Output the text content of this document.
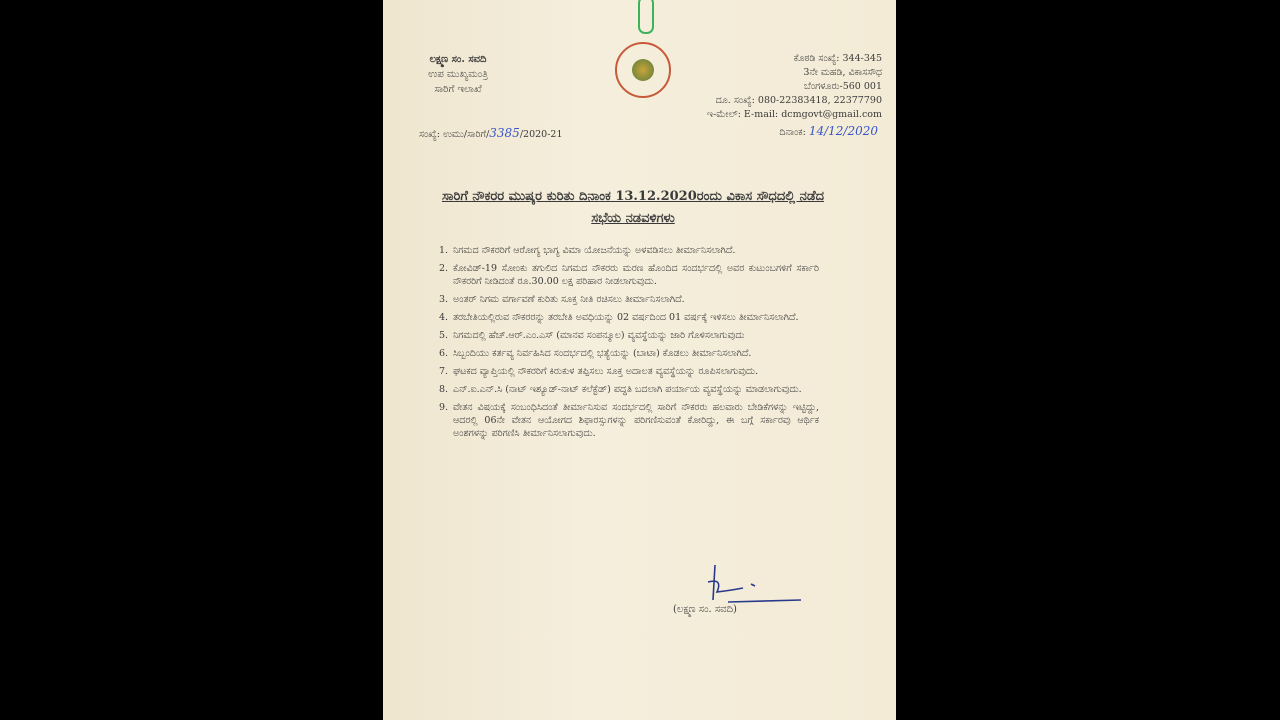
ಲಕ್ಷ್ಮಣ ಸಂ. ಸವದಿ
ಉಪ ಮುಖ್ಯಮಂತ್ರಿ
ಸಾರಿಗೆ ಇಲಾಖೆ
ಕೊಠಡಿ ಸಂಖ್ಯೆ: 344-345
3ನೇ ಮಹಡಿ, ವಿಕಾಸಸೌಧ
ಬೆಂಗಳೂರು-560 001
ದೂ. ಸಂಖ್ಯೆ: 080-22383418, 22377790
ಇ-ಮೇಲ್: E-mail: dcmgovt@gmail.com
ಸಂಖ್ಯೆ: ಉಮು/ಸಾರಿಗೆ/3385/2020-21	ದಿನಾಂಕ: 14/12/2020
ಸಾರಿಗೆ ನೌಕರರ ಮುಷ್ಕರ ಕುರಿತು ದಿನಾಂಕ 13.12.2020ರಂದು ವಿಕಾಸ ಸೌಧದಲ್ಲಿ ನಡೆದ ಸಭೆಯ ನಡವಳಿಗಳು
1. ನಿಗಮದ ನೌಕರರಿಗೆ ಆರೋಗ್ಯ ಭಾಗ್ಯ ವಿಮಾ ಯೋಜನೆಯನ್ನು ಅಳವಡಿಸಲು ತೀರ್ಮಾನಿಸಲಾಗಿದೆ.
2. ಕೋವಿಡ್-19 ಸೋಂಕು ತಗುಲಿದ ನಿಗಮದ ನೌಕರರು ಮರಣ ಹೊಂದಿದ ಸಂದರ್ಭದಲ್ಲಿ ಅವರ ಕುಟುಂಬಗಳಿಗೆ ಸರ್ಕಾರಿ ನೌಕರರಿಗೆ ನೀಡಿದಂತೆ ರೂ.30.00 ಲಕ್ಷ ಪರಿಹಾರ ನೀಡಲಾಗುವುದು.
3. ಅಂತರ್ ನಿಗಮ ವರ್ಗಾವಣೆ ಕುರಿತು ಸೂಕ್ತ ನೀತಿ ರಚಿಸಲು ತೀರ್ಮಾನಿಸಲಾಗಿದೆ.
4. ತರಬೇತಿಯಲ್ಲಿರುವ ನೌಕರರನ್ನು ತರಬೇತಿ ಅವಧಿಯನ್ನು 02 ವರ್ಷದಿಂದ 01 ವರ್ಷಕ್ಕೆ ಇಳಿಸಲು ತೀರ್ಮಾನಿಸಲಾಗಿದೆ.
5. ನಿಗಮದಲ್ಲಿ ಹೆಚ್.ಆರ್.ಎಂ.ಎಸ್ (ಮಾನವ ಸಂಪನ್ಮೂಲ) ವ್ಯವಸ್ಥೆಯನ್ನು ಜಾರಿ ಗೊಳಿಸಲಾಗುವುದು
6. ಸಿಬ್ಬಂದಿಯು ಕರ್ತವ್ಯ ನಿರ್ವಹಿಸಿದ ಸಂದರ್ಭದಲ್ಲಿ ಭತ್ಯೆಯನ್ನು (ಬಾಟಾ) ಕೊಡಲು ತೀರ್ಮಾನಿಸಲಾಗಿದೆ.
7. ಘಟಕದ ವ್ಯಾಪ್ತಿಯಲ್ಲಿ ನೌಕರರಿಗೆ ಕಿರುಕುಳ ತಪ್ಪಿಸಲು ಸೂಕ್ತ ಅದಾಲತ ವ್ಯವಸ್ಥೆಯನ್ನು ರೂಪಿಸಲಾಗುವುದು.
8. ಎನ್.ಐ.ಎನ್.ಸಿ (ನಾಟ್ ಇಶ್ಯೂಡ್-ನಾಟ್ ಕಲೆಕ್ಟೆಡ್) ಪದ್ಧತಿ ಬದಲಾಗಿ ಪರ್ಯಾಯ ವ್ಯವಸ್ಥೆಯನ್ನು ಮಾಡಲಾಗುವುದು.
9. ವೇತನ ವಿಷಯಕ್ಕೆ ಸಂಬಂಧಿಸಿದಂತೆ ತೀರ್ಮಾನಿಸುವ ಸಂದರ್ಭದಲ್ಲಿ ಸಾರಿಗೆ ನೌಕರರು ಹಲವಾರು ಬೇಡಿಕೆಗಳನ್ನು ಇಟ್ಟಿದ್ದು, ಆದರಲ್ಲಿ 06ನೇ ವೇತನ ಆಯೋಗದ ಶಿಫಾರಸ್ಸುಗಳನ್ನು ಪರಿಗಣಿಸುವಂತೆ ಕೋರಿದ್ದು, ಈ ಬಗ್ಗೆ ಸರ್ಕಾರವು ಆರ್ಥಿಕ ಅಂಶಗಳನ್ನು ಪರಿಗಣಿಸಿ ತೀರ್ಮಾನಿಸಲಾಗುವುದು.
(ಲಕ್ಷ್ಮಣ ಸಂ. ಸವದಿ)
